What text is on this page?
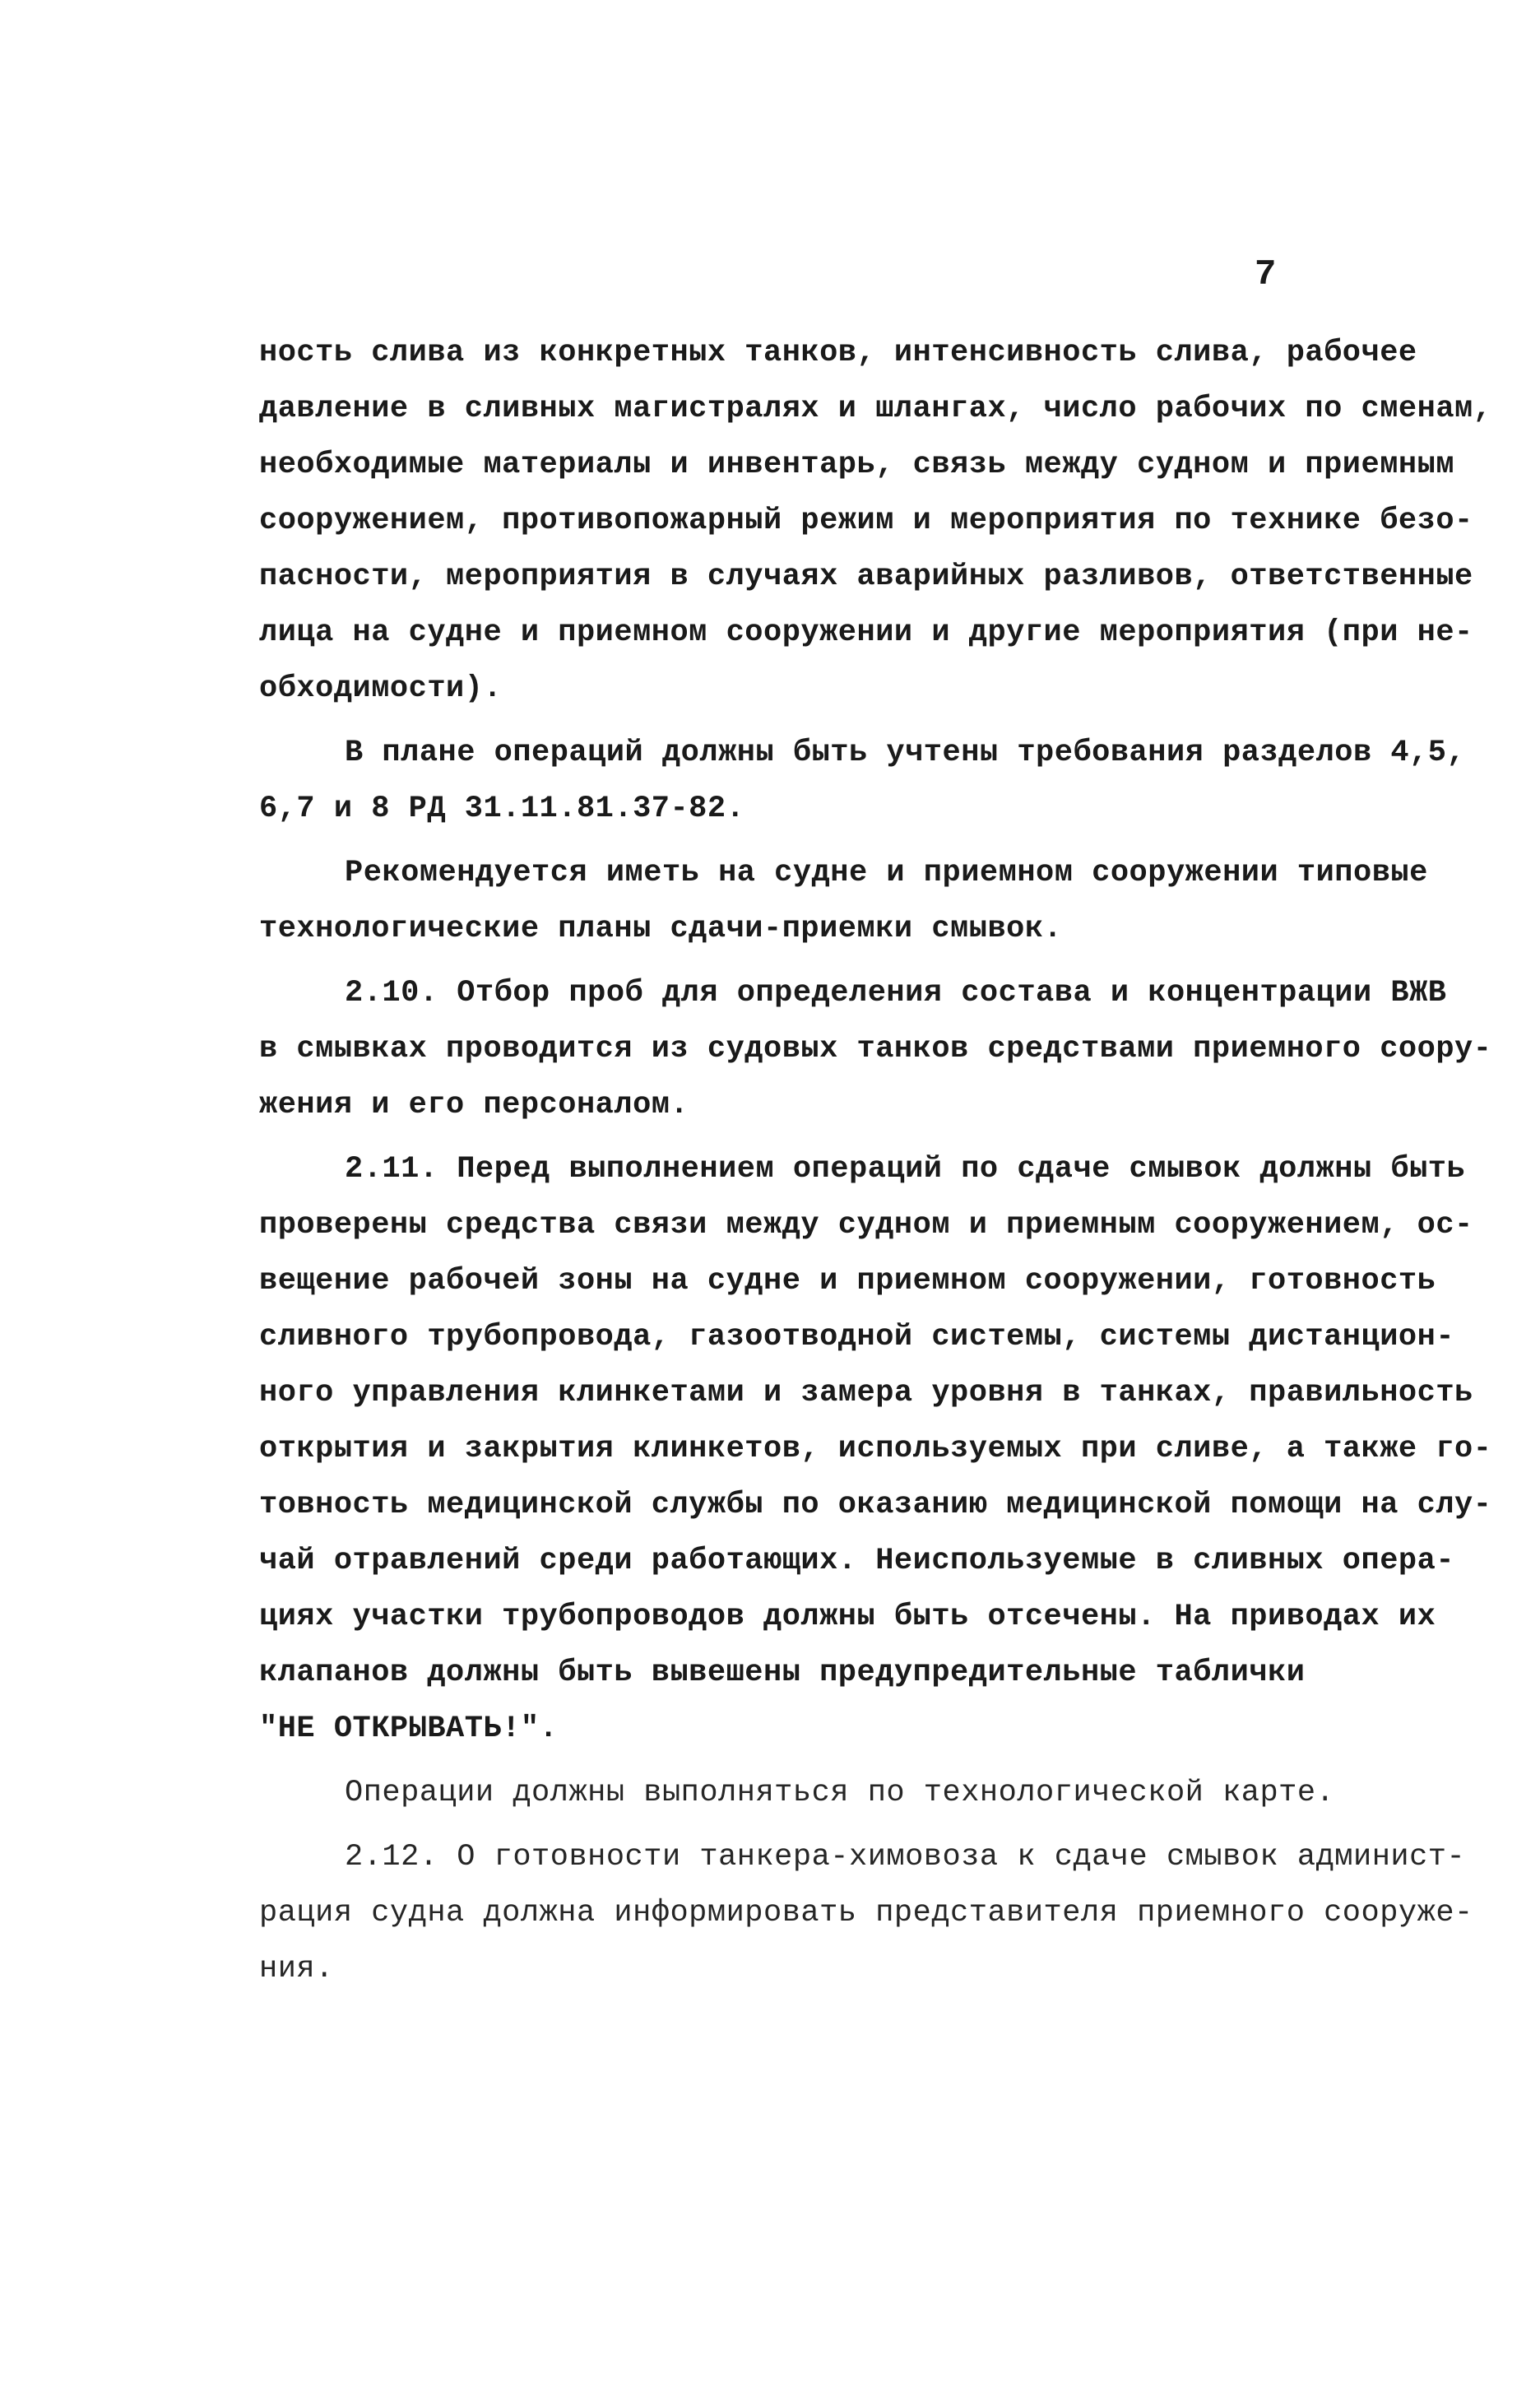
7
ность слива из конкретных танков, интенсивность слива, рабочее
давление в сливных магистралях и шлангах, число рабочих по сменам,
необходимые материалы и инвентарь, связь между судном и приемным
сооружением, противопожарный режим и мероприятия по технике безо-
пасности, мероприятия в случаях аварийных разливов, ответственные
лица на судне и приемном сооружении и другие мероприятия (при не-
обходимости).
В плане операций должны быть учтены требования разделов 4,5,
6,7 и 8 РД 31.11.81.37-82.
Рекомендуется иметь на судне и приемном сооружении типовые
технологические планы сдачи-приемки смывок.
2.10. Отбор проб для определения состава и концентрации ВЖВ
в смывках проводится из судовых танков средствами приемного соору-
жения и его персоналом.
2.11. Перед выполнением операций по сдаче смывок должны быть
проверены средства связи между судном и приемным сооружением, ос-
вещение рабочей зоны на судне и приемном сооружении, готовность
сливного трубопровода, газоотводной системы, системы дистанцион-
ного управления клинкетами и замера уровня в танках, правильность
открытия и закрытия клинкетов, используемых при сливе, а также го-
товность медицинской службы по оказанию медицинской помощи на слу-
чай отравлений среди работающих. Неиспользуемые в сливных опера-
циях участки трубопроводов должны быть отсечены. На приводах их
клапанов должны быть вывешены предупредительные таблички
"НЕ ОТКРЫВАТЬ!".
Операции должны выполняться по технологической карте.
2.12. О готовности танкера-химовоза к сдаче смывок админист-
рация судна должна информировать представителя приемного сооруже-
ния.
